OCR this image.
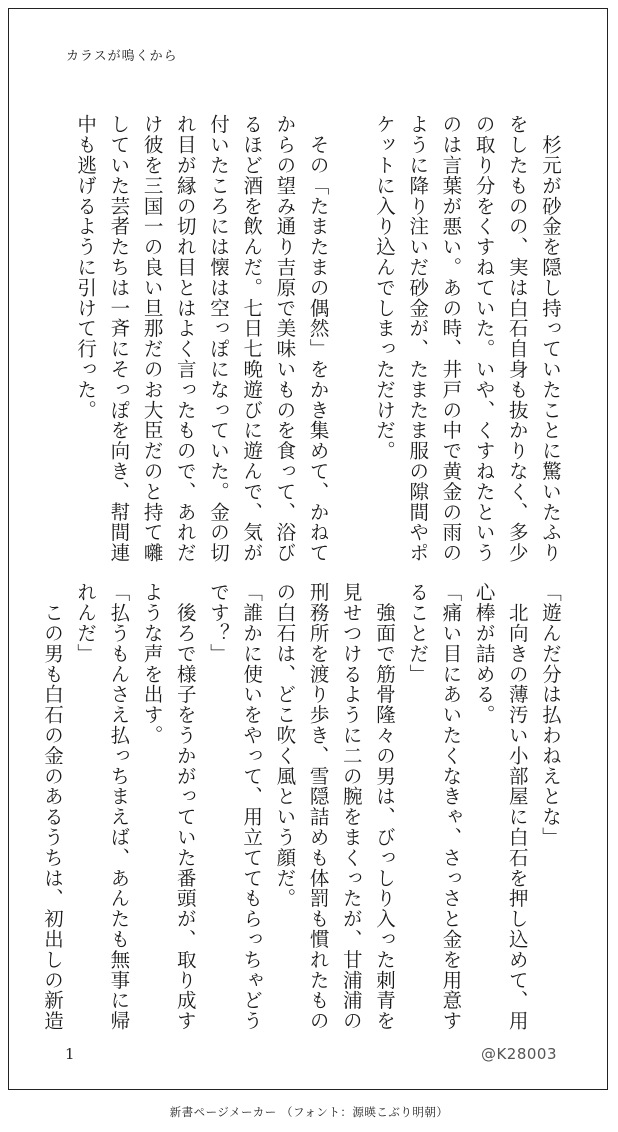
カラスが鳴くから
　杉元が砂金を隠し持っていたことに驚いたふり
をしたものの、実は白石自身も抜かりなく、多少
の取り分をくすねていた。いや、くすねたという
のは言葉が悪い。あの時、井戸の中で黄金の雨の
ように降り注いだ砂金が、たまたま服の隙間やポ
ケットに入り込んでしまっただけだ。
　その「たまたまの偶然」をかき集めて、かねて
からの望み通り吉原で美味いものを食って、浴び
るほど酒を飲んだ。七日七晩遊びに遊んで、気が
付いたころには懐は空っぽになっていた。金の切
れ目が縁の切れ目とはよく言ったもので、あれだ
け彼を三国一の良い旦那だのお大臣だのと持て囃
していた芸者たちは一斉にそっぽを向き、幇間連
中も逃げるように引けて行った。
「遊んだ分は払わねえとな」
　北向きの薄汚い小部屋に白石を押し込めて、用
心棒が詰める。
「痛い目にあいたくなきゃ、さっさと金を用意す
ることだ」
　強面で筋骨隆々の男は、びっしり入った刺青を
見せつけるように二の腕をまくったが、甘浦浦の
刑務所を渡り歩き、雪隠詰めも体罰も慣れたもの
の白石は、どこ吹く風という顔だ。
「誰かに使いをやって、用立ててもらっちゃどう
です？」
　後ろで様子をうかがっていた番頭が、取り成す
ような声を出す。
「払うもんさえ払っちまえば、あんたも無事に帰
れんだ」
　この男も白石の金のあるうちは、初出しの新造
1	@K28003
新書ページメーカー （フォント：源暎こぶり明朝）
